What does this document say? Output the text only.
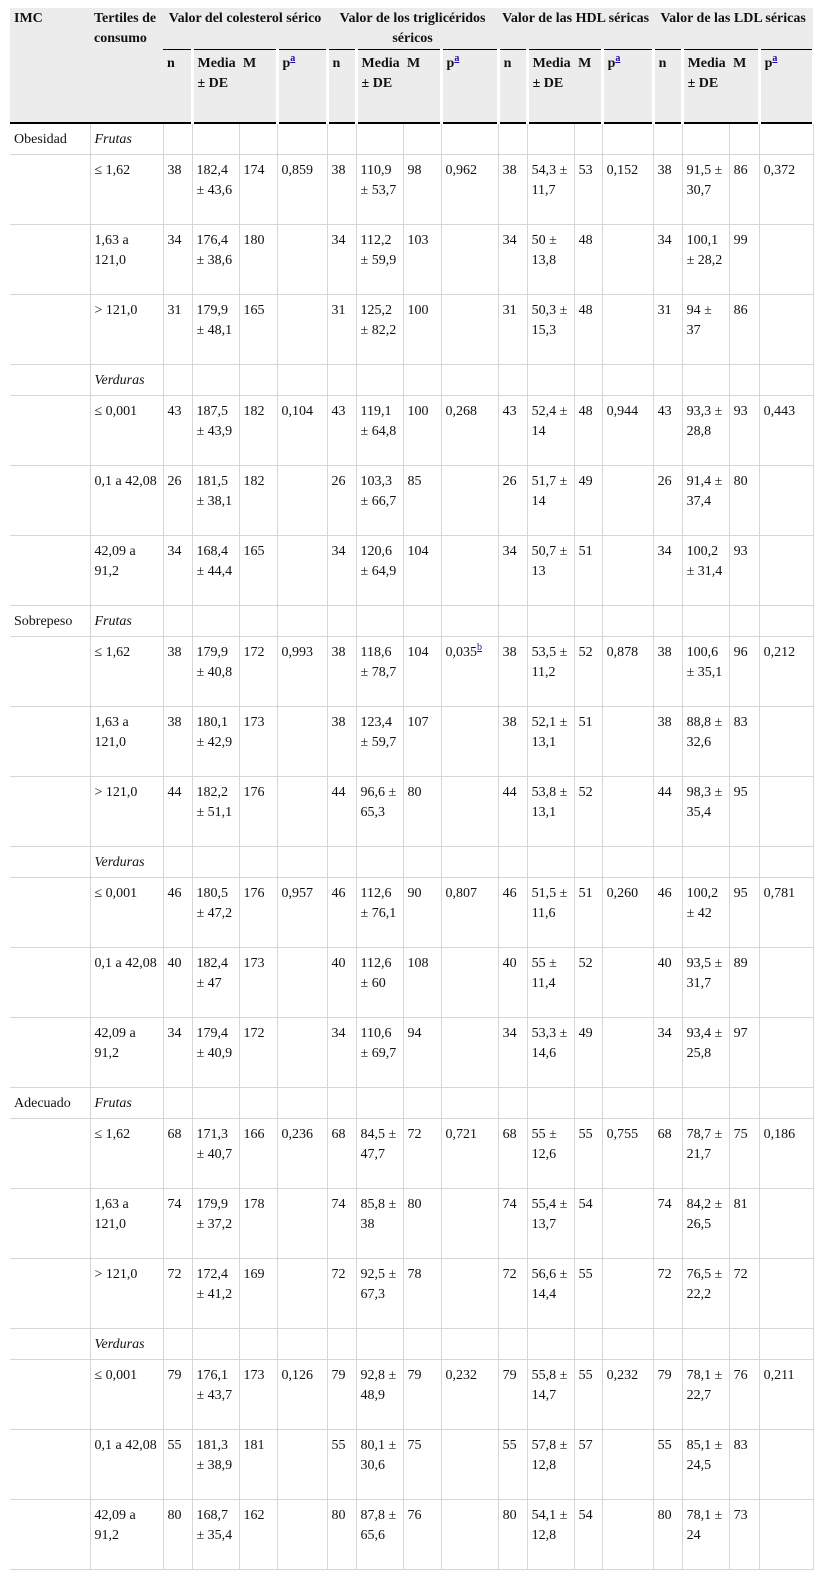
IMC	Tertiles de consumo	Valor del colesterol sérico				Valor de los triglicéridos séricos				Valor de las HDL séricas				Valor de las LDL séricas			
		n	Media ± DE	M	$p^a$	n	Media ± DE	M	$p^a$	n	Media ± DE	M	$p^a$	n	Media ± DE	M	$p^a$
Obesidad	Frutas																
	≤ 1,62	38	182,4 ± 43,6	174	0,859	38	110,9 ± 53,7	98	0,962	38	54,3 ± 11,7	53	0,152	38	91,5 ± 30,7	86	0,372
	1,63 a 121,0	34	176,4 ± 38,6	180		34	112,2 ± 59,9	103		34	50 ± 13,8	48		34	100,1 ± 28,2	99	
	> 121,0	31	179,9 ± 48,1	165		31	125,2 ± 82,2	100		31	50,3 ± 15,3	48		31	94 ± 37	86	
	Verduras																
	≤ 0,001	43	187,5 ± 43,9	182	0,104	43	119,1 ± 64,8	100	0,268	43	52,4 ± 14	48	0,944	43	93,3 ± 28,8	93	0,443
	0,1 a 42,08	26	181,5 ± 38,1	182		26	103,3 ± 66,7	85		26	51,7 ± 14	49		26	91,4 ± 37,4	80	
	42,09 a 91,2	34	168,4 ± 44,4	165		34	120,6 ± 64,9	104		34	50,7 ± 13	51		34	100,2 ± 31,4	93	
Sobrepeso	Frutas																
	≤ 1,62	38	179,9 ± 40,8	172	0,993	38	118,6 ± 78,7	104	0,035$^b$	38	53,5 ± 11,2	52	0,878	38	100,6 ± 35,1	96	0,212
	1,63 a 121,0	38	180,1 ± 42,9	173		38	123,4 ± 59,7	107		38	52,1 ± 13,1	51		38	88,8 ± 32,6	83	
	> 121,0	44	182,2 ± 51,1	176		44	96,6 ± 65,3	80		44	53,8 ± 13,1	52		44	98,3 ± 35,4	95	
	Verduras																
	≤ 0,001	46	180,5 ± 47,2	176	0,957	46	112,6 ± 76,1	90	0,807	46	51,5 ± 11,6	51	0,260	46	100,2 ± 42	95	0,781
	0,1 a 42,08	40	182,4 ± 47	173		40	112,6 ± 60	108		40	55 ± 11,4	52		40	93,5 ± 31,7	89	
	42,09 a 91,2	34	179,4 ± 40,9	172		34	110,6 ± 69,7	94		34	53,3 ± 14,6	49		34	93,4 ± 25,8	97	
Adecuado	Frutas																
	≤ 1,62	68	171,3 ± 40,7	166	0,236	68	84,5 ± 47,7	72	0,721	68	55 ± 12,6	55	0,755	68	78,7 ± 21,7	75	0,186
	1,63 a 121,0	74	179,9 ± 37,2	178		74	85,8 ± 38	80		74	55,4 ± 13,7	54		74	84,2 ± 26,5	81	
	> 121,0	72	172,4 ± 41,2	169		72	92,5 ± 67,3	78		72	56,6 ± 14,4	55		72	76,5 ± 22,2	72	
	Verduras																
	≤ 0,001	79	176,1 ± 43,7	173	0,126	79	92,8 ± 48,9	79	0,232	79	55,8 ± 14,7	55	0,232	79	78,1 ± 22,7	76	0,211
	0,1 a 42,08	55	181,3 ± 38,9	181		55	80,1 ± 30,6	75		55	57,8 ± 12,8	57		55	85,1 ± 24,5	83	
	42,09 a 91,2	80	168,7 ± 35,4	162		80	87,8 ± 65,6	76		80	54,1 ± 12,8	54		80	78,1 ± 24	73	
